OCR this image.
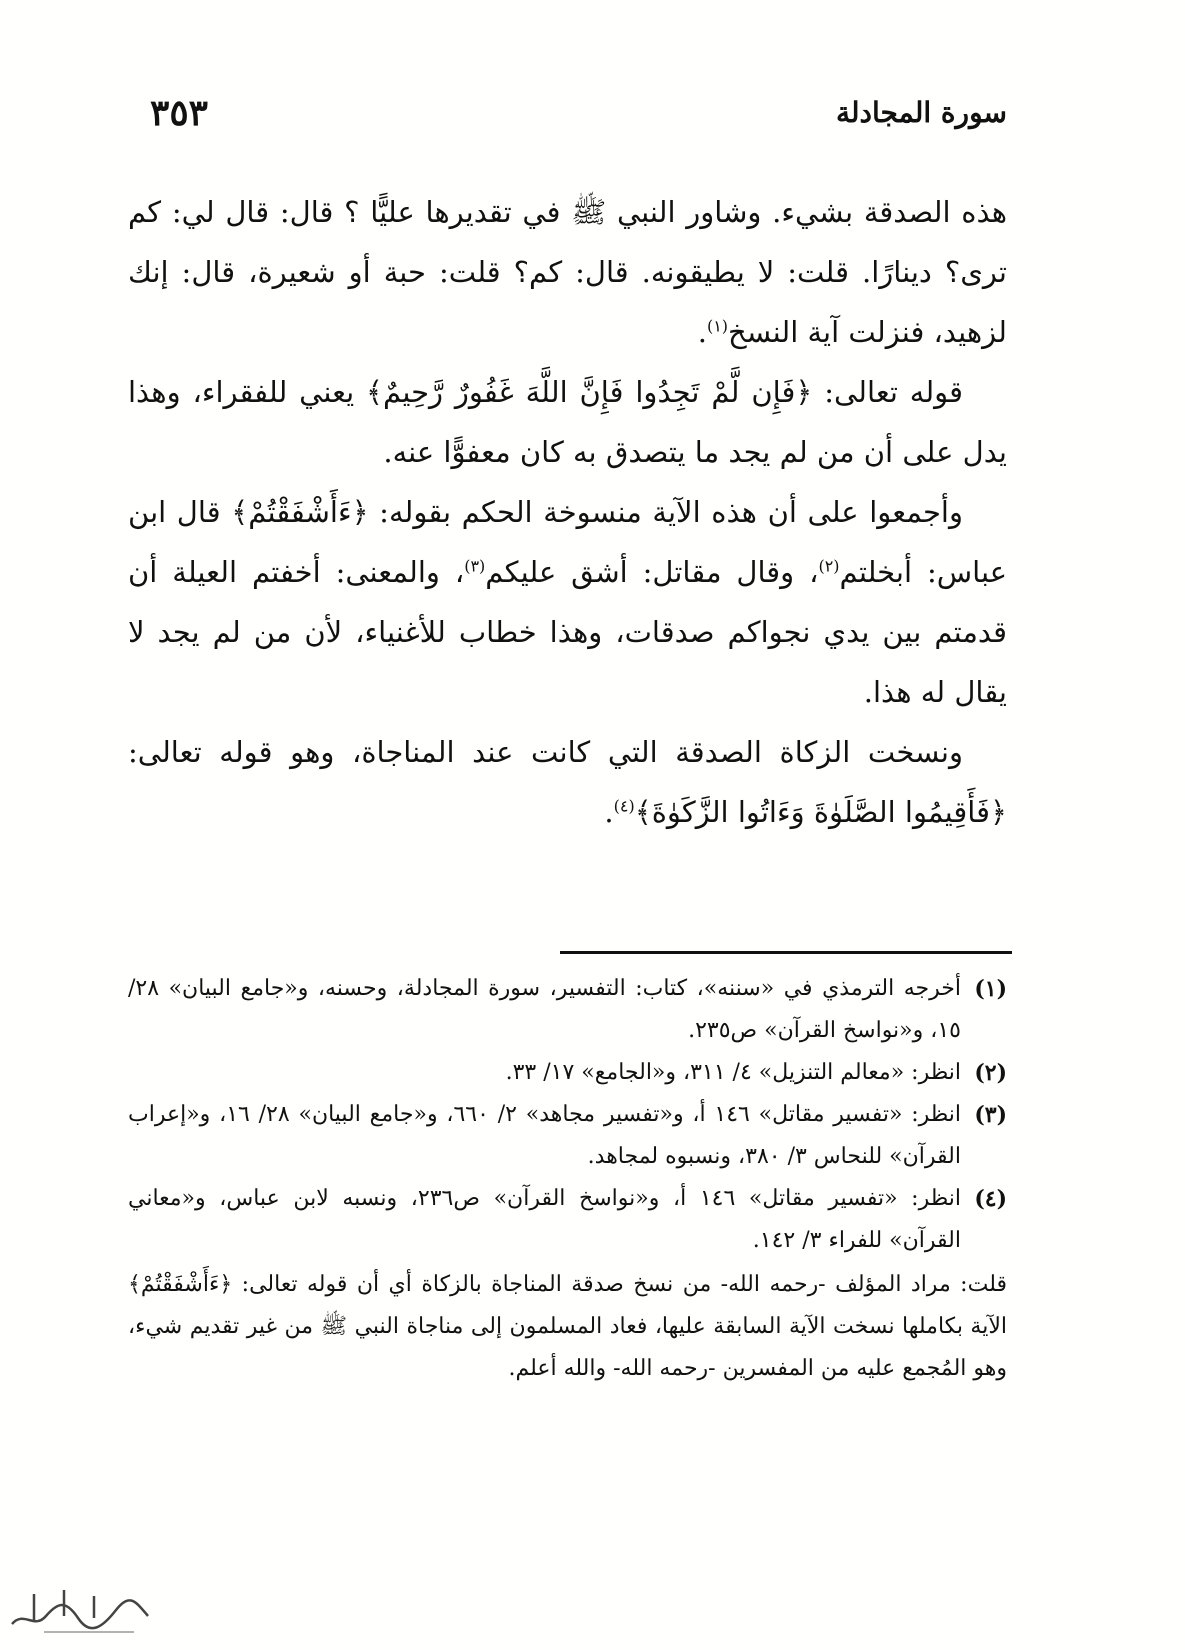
سورة المجادلة
٣٥٣

هذه الصدقة بشيء. وشاور النبي ﷺ في تقديرها عليًّا ؟ قال: قال لي: كم ترى؟ دينارًا. قلت: لا يطيقونه. قال: كم؟ قلت: حبة أو شعيرة، قال: إنك لزهيد، فنزلت آية النسخ$^{(١)}$.

قوله تعالى: ﴿فَإِن لَّمْ تَجِدُوا فَإِنَّ اللَّهَ غَفُورٌ رَّحِيمٌ﴾ يعني للفقراء، وهذا يدل على أن من لم يجد ما يتصدق به كان معفوًّا عنه.

وأجمعوا على أن هذه الآية منسوخة الحكم بقوله: ﴿ءَأَشْفَقْتُمْ﴾ قال ابن عباس: أبخلتم$^{(٢)}$، وقال مقاتل: أشق عليكم$^{(٣)}$، والمعنى: أخفتم العيلة أن قدمتم بين يدي نجواكم صدقات، وهذا خطاب للأغنياء، لأن من لم يجد لا يقال له هذا.

ونسخت الزكاة الصدقة التي كانت عند المناجاة، وهو قوله تعالى: ﴿فَأَقِيمُوا الصَّلَوٰةَ وَءَاتُوا الزَّكَوٰةَ﴾$^{(٤)}$.

(١)
أخرجه الترمذي في «سننه»، كتاب: التفسير، سورة المجادلة، وحسنه، و«جامع البيان» ٢٨/ ١٥، و«نواسخ القرآن» ص٢٣٥.
(٢)
انظر: «معالم التنزيل» ٤/ ٣١١، و«الجامع» ١٧/ ٣٣.
(٣)
انظر: «تفسير مقاتل» ١٤٦ أ، و«تفسير مجاهد» ٢/ ٦٦٠، و«جامع البيان» ٢٨/ ١٦، و«إعراب القرآن» للنحاس ٣/ ٣٨٠، ونسبوه لمجاهد.
(٤)
انظر: «تفسير مقاتل» ١٤٦ أ، و«نواسخ القرآن» ص٢٣٦، ونسبه لابن عباس، و«معاني القرآن» للفراء ٣/ ١٤٢.

قلت: مراد المؤلف -رحمه الله- من نسخ صدقة المناجاة بالزكاة أي أن قوله تعالى: ﴿ءَأَشْفَقْتُمْ﴾ الآية بكاملها نسخت الآية السابقة عليها، فعاد المسلمون إلى مناجاة النبي ﷺ من غير تقديم شيء، وهو المُجمع عليه من المفسرين -رحمه الله- والله أعلم.
